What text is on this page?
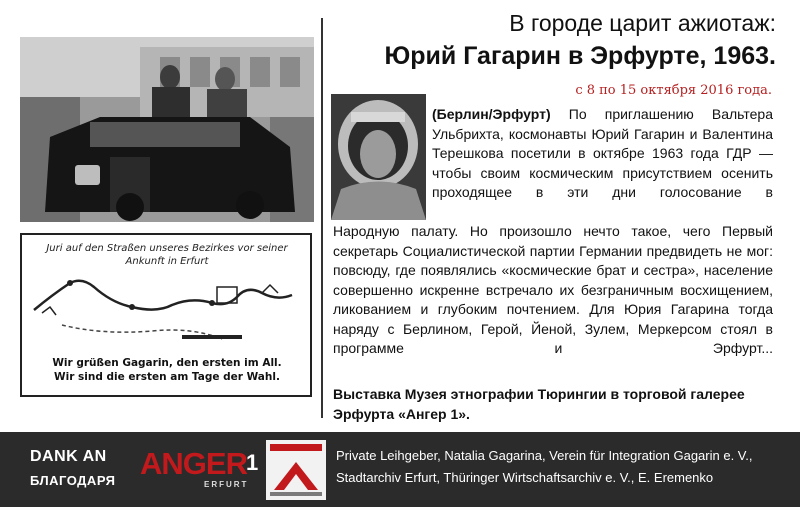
Juri auf den Straßen unseres Bezirkes vor seiner Ankunft in Erfurt
Wir grüßen Gagarin, den ersten im All.
Wir sind die ersten am Tage der Wahl.
В городе царит ажиотаж:
Юрий Гагарин в Эрфурте, 1963.
с 8 по 15 октября 2016 года.
(Берлин/Эрфурт) По приглашению Вальтера Ульбрихта, космонавты Юрий Гагарин и Валентина Терешкова посетили в октябре 1963 года ГДР — чтобы своим космическим присутствием осенить проходящее в эти дни голосование в
Народную палату. Но произошло нечто такое, чего Первый секретарь Социалистической партии Германии предвидеть не мог: повсюду, где появлялись «космические брат и сестра», население совершенно искренне встречало их безграничным восхищением, ликованием и глубоким почтением. Для Юрия Гагарина тогда наряду с Берлином, Герой, Йеной, Зулем, Меркерсом стоял в программе и Эрфурт...
Выставка Музея этнографии Тюрингии в торговой галерее Эрфурта «Ангер 1».
DANK AN
БЛАГОДАРЯ ANGER 1
ERFURT
Private Leihgeber, Natalia Gagarina, Verein für Integration Gagarin e. V.,
Stadtarchiv Erfurt, Thüringer Wirtschaftsarchiv e. V., E. Eremenko
